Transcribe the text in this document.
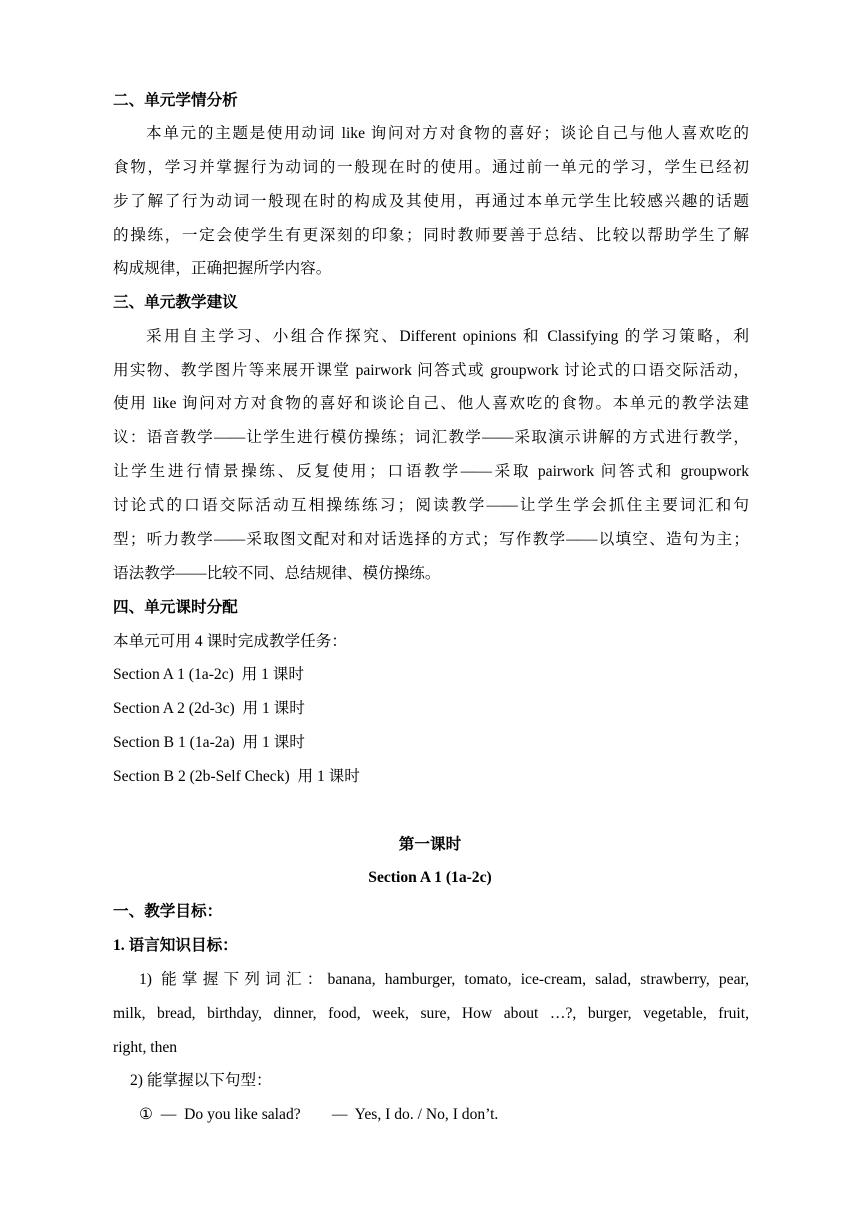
二、单元学情分析
本单元的主题是使用动词 like 询问对方对食物的喜好；谈论自己与他人喜欢吃的
食物，学习并掌握行为动词的一般现在时的使用。通过前一单元的学习，学生已经初
步了解了行为动词一般现在时的构成及其使用，再通过本单元学生比较感兴趣的话题
的操练，一定会使学生有更深刻的印象；同时教师要善于总结、比较以帮助学生了解
构成规律，正确把握所学内容。
三、单元教学建议
采用自主学习、小组合作探究、Different opinions 和 Classifying 的学习策略，利
用实物、教学图片等来展开课堂 pairwork 问答式或 groupwork 讨论式的口语交际活动，
使用 like 询问对方对食物的喜好和谈论自己、他人喜欢吃的食物。本单元的教学法建
议：语音教学——让学生进行模仿操练；词汇教学——采取演示讲解的方式进行教学，
让学生进行情景操练、反复使用；口语教学——采取 pairwork 问答式和 groupwork
讨论式的口语交际活动互相操练练习；阅读教学——让学生学会抓住主要词汇和句
型；听力教学——采取图文配对和对话选择的方式；写作教学——以填空、造句为主；
语法教学——比较不同、总结规律、模仿操练。
四、单元课时分配
本单元可用 4 课时完成教学任务：
Section A 1 (1a-2c)  用 1 课时
Section A 2 (2d-3c)  用 1 课时
Section B 1 (1a-2a)  用 1 课时
Section B 2 (2b-Self Check)  用 1 课时
第一课时
Section A 1 (1a-2c)
一、教学目标：
1. 语言知识目标：
1) 能掌握下列词汇：banana, hamburger, tomato, ice-cream, salad, strawberry, pear,
milk, bread, birthday, dinner, food, week, sure, How about …?, burger, vegetable, fruit,
right, then
2) 能掌握以下句型：
①  —  Do you like salad?        —  Yes, I do. / No, I don’t.
